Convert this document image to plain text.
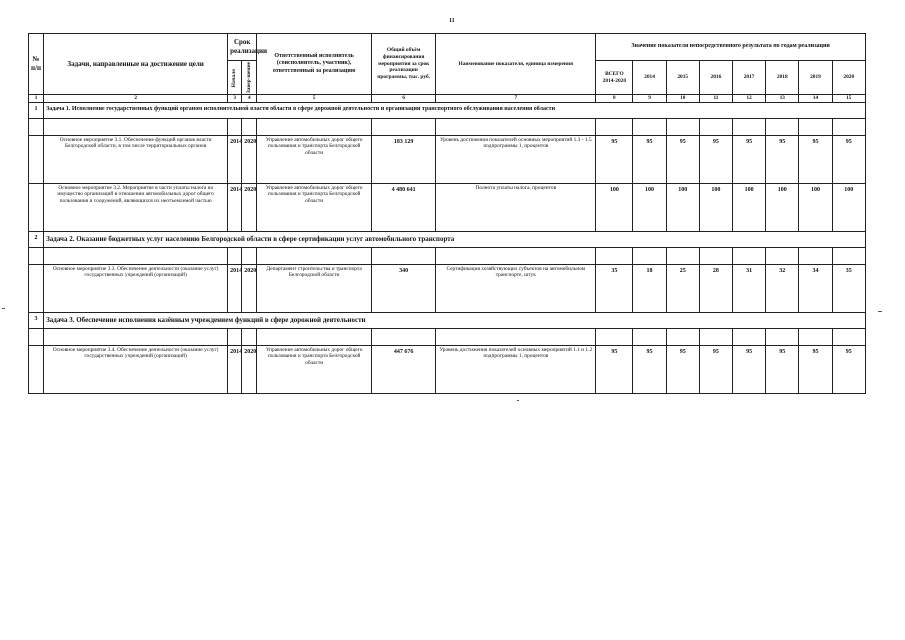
11
№ п/п	Задачи, направленные на достижение цели	Срок реализации		Ответственный исполнитель (соисполнитель, участник), ответственный за реализацию	Общий объём финансирования мероприятия за срок реализации программы, тыс. руб.	Наименование показателя, единица измерения	Значение показателя непосредственного результата по годам реализации							

		Начало	Завер-шение				ВСЕГО 2014-2020	2014	2015	2016	2017	2018	2019	2020
1	2	3	4	5	6	7	8	9	10	11	12	13	14	15
1	Задача 1. Исполнение государственных функций органом исполнительной власти области в сфере дорожной деятельности и организации транспортного обслуживания населения области													

	Основное мероприятие 3.1. Обеспечение функций органов власти Белгородской области, в том числе территориальных органов	2014	2020	Управление автомобильных дорог общего пользования и транспорта Белгородской области	183 129	Уровень достижения показателей основных мероприятий 1.3 - 1.5 подпрограммы 1, процентов	95	95	95	95	95	95	95	95
	Основное мероприятие 3.2. Мероприятие в части уплаты налога на имущество организаций в отношении автомобильных дорог общего пользования и сооружений, являющихся их неотъемлемой частью	2014	2020	Управление автомобильных дорог общего пользования и транспорта Белгородской области	4 480 641	Полнота уплаты налога, процентов	100	100	100	100	100	100	100	100
2	Задача 2. Оказание бюджетных услуг населению Белгородской области в сфере сертификации услуг автомобильного транспорта													

	Основное мероприятие 3.3. Обеспечение деятельности (оказание услуг) государственных учреждений (организаций)	2014	2020	Департамент строительства и транспорта Белгородской области	340	Сертификация хозяйствующих субъектов на автомобильном транспорте, штук	35	18	25	28	31	32	34	35
3	Задача 3. Обеспечение исполнения казённым учреждением функций в сфере дорожной деятельности													

	Основное мероприятие 3.4. Обеспечение деятельности (оказание услуг) государственных учреждений (организаций)	2014	2020	Управление автомобильных дорог общего пользования и транспорта Белгородской области	447 676	Уровень достижения показателей основных мероприятий 1.1 и 1.2 подпрограммы 1, процентов	95	95	95	95	95	95	95	95
